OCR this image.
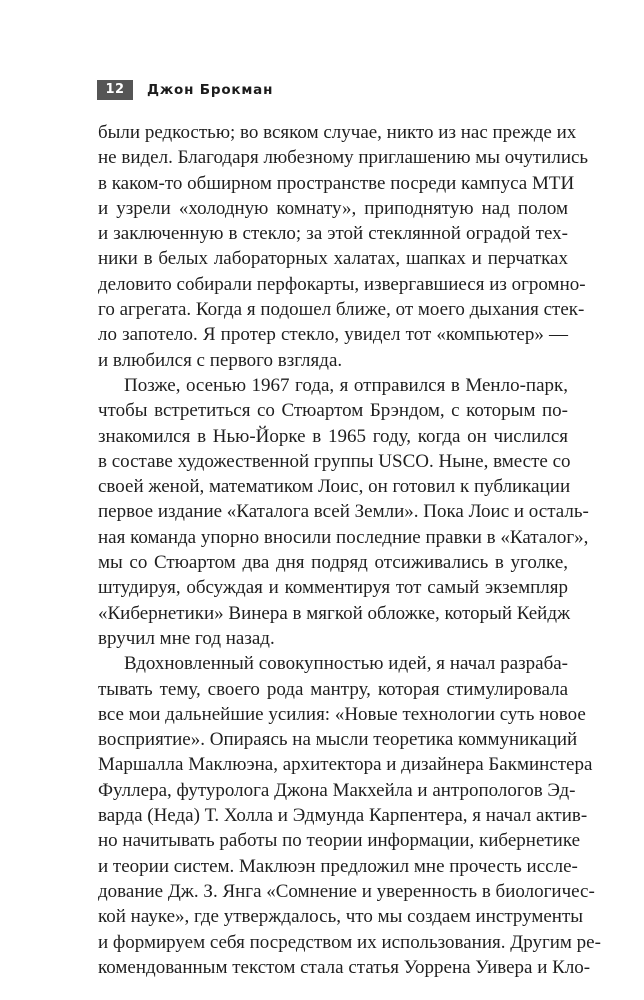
12	Джон Брокман
были редкостью; во всяком случае, никто из нас прежде их
не видел. Благодаря любезному приглашению мы очутились
в каком-то обширном пространстве посреди кампуса МТИ
и узрели «холодную комнату», приподнятую над полом
и заключенную в стекло; за этой стеклянной оградой тех-
ники в белых лабораторных халатах, шапках и перчатках
деловито собирали перфокарты, извергавшиеся из огромно-
го агрегата. Когда я подошел ближе, от моего дыхания стек-
ло запотело. Я протер стекло, увидел тот «компьютер» —
и влюбился с первого взгляда.
Позже, осенью 1967 года, я отправился в Менло-парк,
чтобы встретиться со Стюартом Брэндом, с которым по-
знакомился в Нью-Йорке в 1965 году, когда он числился
в составе художественной группы USCO. Ныне, вместе со
своей женой, математиком Лоис, он готовил к публикации
первое издание «Каталога всей Земли». Пока Лоис и осталь-
ная команда упорно вносили последние правки в «Каталог»,
мы со Стюартом два дня подряд отсиживались в уголке,
штудируя, обсуждая и комментируя тот самый экземпляр
«Кибернетики» Винера в мягкой обложке, который Кейдж
вручил мне год назад.
Вдохновленный совокупностью идей, я начал разраба-
тывать тему, своего рода мантру, которая стимулировала
все мои дальнейшие усилия: «Новые технологии суть новое
восприятие». Опираясь на мысли теоретика коммуникаций
Маршалла Маклюэна, архитектора и дизайнера Бакминстера
Фуллера, футуролога Джона Макхейла и антропологов Эд-
варда (Неда) Т. Холла и Эдмунда Карпентера, я начал актив-
но начитывать работы по теории информации, кибернетике
и теории систем. Маклюэн предложил мне прочесть иссле-
дование Дж. З. Янга «Сомнение и уверенность в биологичес-
кой науке», где утверждалось, что мы создаем инструменты
и формируем себя посредством их использования. Другим ре-
комендованным текстом стала статья Уоррена Уивера и Кло-
